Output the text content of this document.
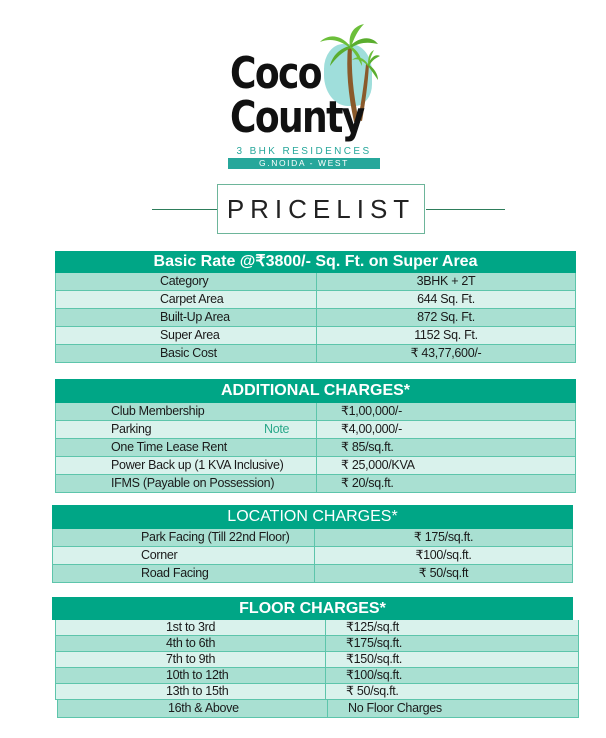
Coco
County
3 BHK RESIDENCES
G.NOIDA - WEST
PRICELIST
Basic Rate @₹3800/- Sq. Ft. on Super Area
Category	3BHK + 2T
Carpet Area	644 Sq. Ft.
Built-Up Area	872 Sq. Ft.
Super Area	1152 Sq. Ft.
Basic Cost	₹ 43,77,600/-
ADDITIONAL CHARGES*
Club Membership	₹1,00,000/-
Parking	Note	₹4,00,000/-
One Time Lease Rent	₹ 85/sq.ft.
Power Back up (1 KVA Inclusive)	₹ 25,000/KVA
IFMS (Payable on Possession)	₹ 20/sq.ft.
LOCATION CHARGES*
Park Facing (Till 22nd Floor)	₹ 175/sq.ft.
Corner	₹100/sq.ft.
Road Facing	₹ 50/sq.ft
FLOOR CHARGES*
1st to 3rd	₹125/sq.ft
4th to 6th	₹175/sq.ft.
7th to 9th	₹150/sq.ft.
10th to 12th	₹100/sq.ft.
13th to 15th	₹ 50/sq.ft.
16th & Above	No Floor Charges
